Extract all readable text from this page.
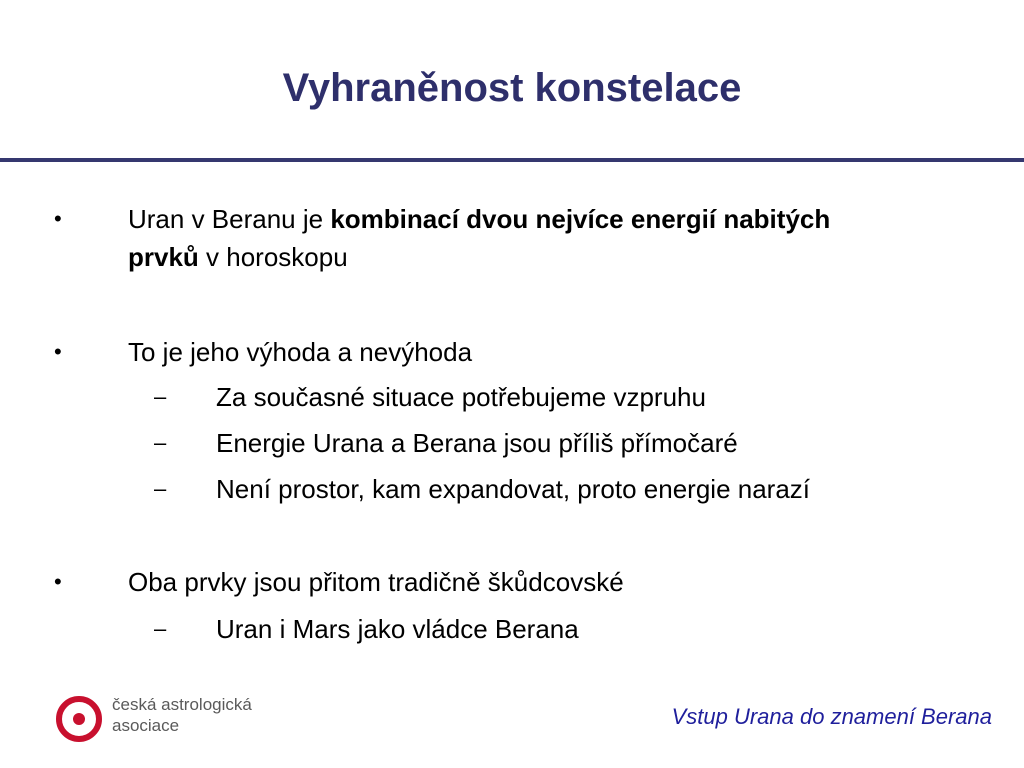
Vyhraněnost konstelace
•	Uran v Beranu je kombinací dvou nejvíce energií nabitých prvků v horoskopu
•	To je jeho výhoda a nevýhoda
– Za současné situace potřebujeme vzpruhu
– Energie Urana a Berana jsou příliš přímočaré
– Není prostor, kam expandovat, proto energie narazí
•	Oba prvky jsou přitom tradičně škůdcovské
– Uran i Mars jako vládce Berana
česká astrologická
asociace	Vstup Urana do znamení Berana
